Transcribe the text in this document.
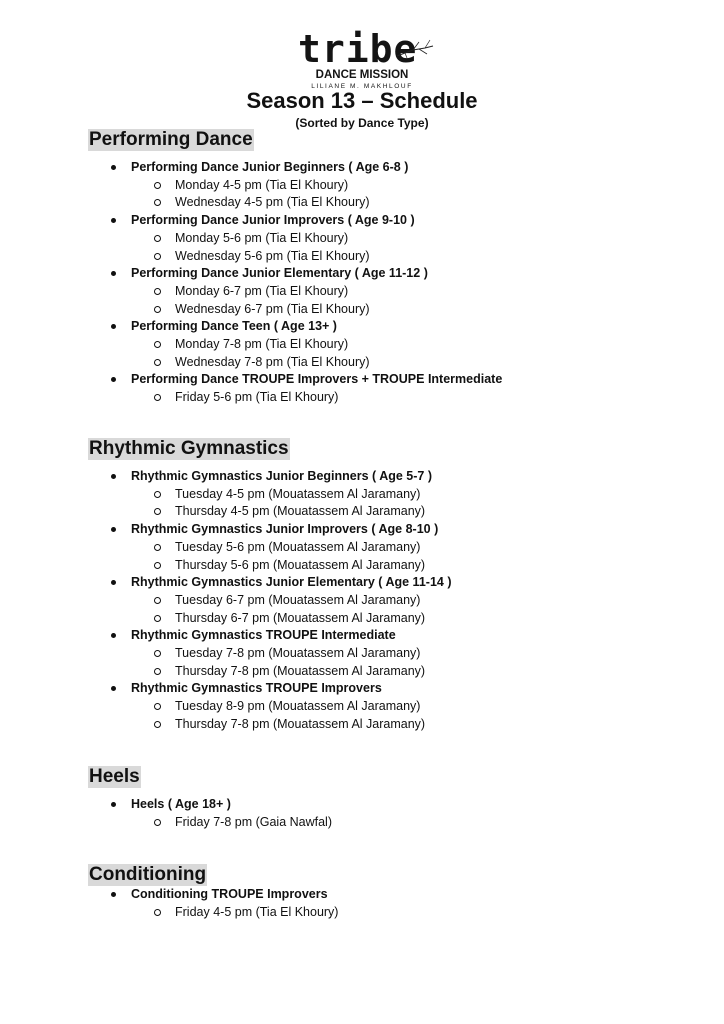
tribe
DANCE MISSION
LILIANE M. MAKHLOUF
Season 13 – Schedule
(Sorted by Dance Type)
Performing Dance
Performing Dance Junior Beginners ( Age 6-8 )
Monday 4-5 pm (Tia El Khoury)
Wednesday 4-5 pm (Tia El Khoury)
Performing Dance Junior Improvers ( Age 9-10 )
Monday 5-6 pm (Tia El Khoury)
Wednesday 5-6 pm (Tia El Khoury)
Performing Dance Junior Elementary ( Age 11-12 )
Monday 6-7 pm (Tia El Khoury)
Wednesday 6-7 pm (Tia El Khoury)
Performing Dance Teen ( Age 13+ )
Monday 7-8 pm (Tia El Khoury)
Wednesday 7-8 pm (Tia El Khoury)
Performing Dance TROUPE Improvers + TROUPE Intermediate
Friday 5-6 pm (Tia El Khoury)
Rhythmic Gymnastics
Rhythmic Gymnastics Junior Beginners ( Age 5-7 )
Tuesday 4-5 pm (Mouatassem Al Jaramany)
Thursday 4-5 pm (Mouatassem Al Jaramany)
Rhythmic Gymnastics Junior Improvers ( Age 8-10 )
Tuesday 5-6 pm (Mouatassem Al Jaramany)
Thursday 5-6 pm (Mouatassem Al Jaramany)
Rhythmic Gymnastics Junior Elementary ( Age 11-14 )
Tuesday 6-7 pm (Mouatassem Al Jaramany)
Thursday 6-7 pm (Mouatassem Al Jaramany)
Rhythmic Gymnastics TROUPE Intermediate
Tuesday 7-8 pm (Mouatassem Al Jaramany)
Thursday 7-8 pm (Mouatassem Al Jaramany)
Rhythmic Gymnastics TROUPE Improvers
Tuesday 8-9 pm (Mouatassem Al Jaramany)
Thursday 7-8 pm (Mouatassem Al Jaramany)
Heels
Heels ( Age 18+ )
Friday 7-8 pm (Gaia Nawfal)
Conditioning
Conditioning TROUPE Improvers
Friday 4-5 pm (Tia El Khoury)
